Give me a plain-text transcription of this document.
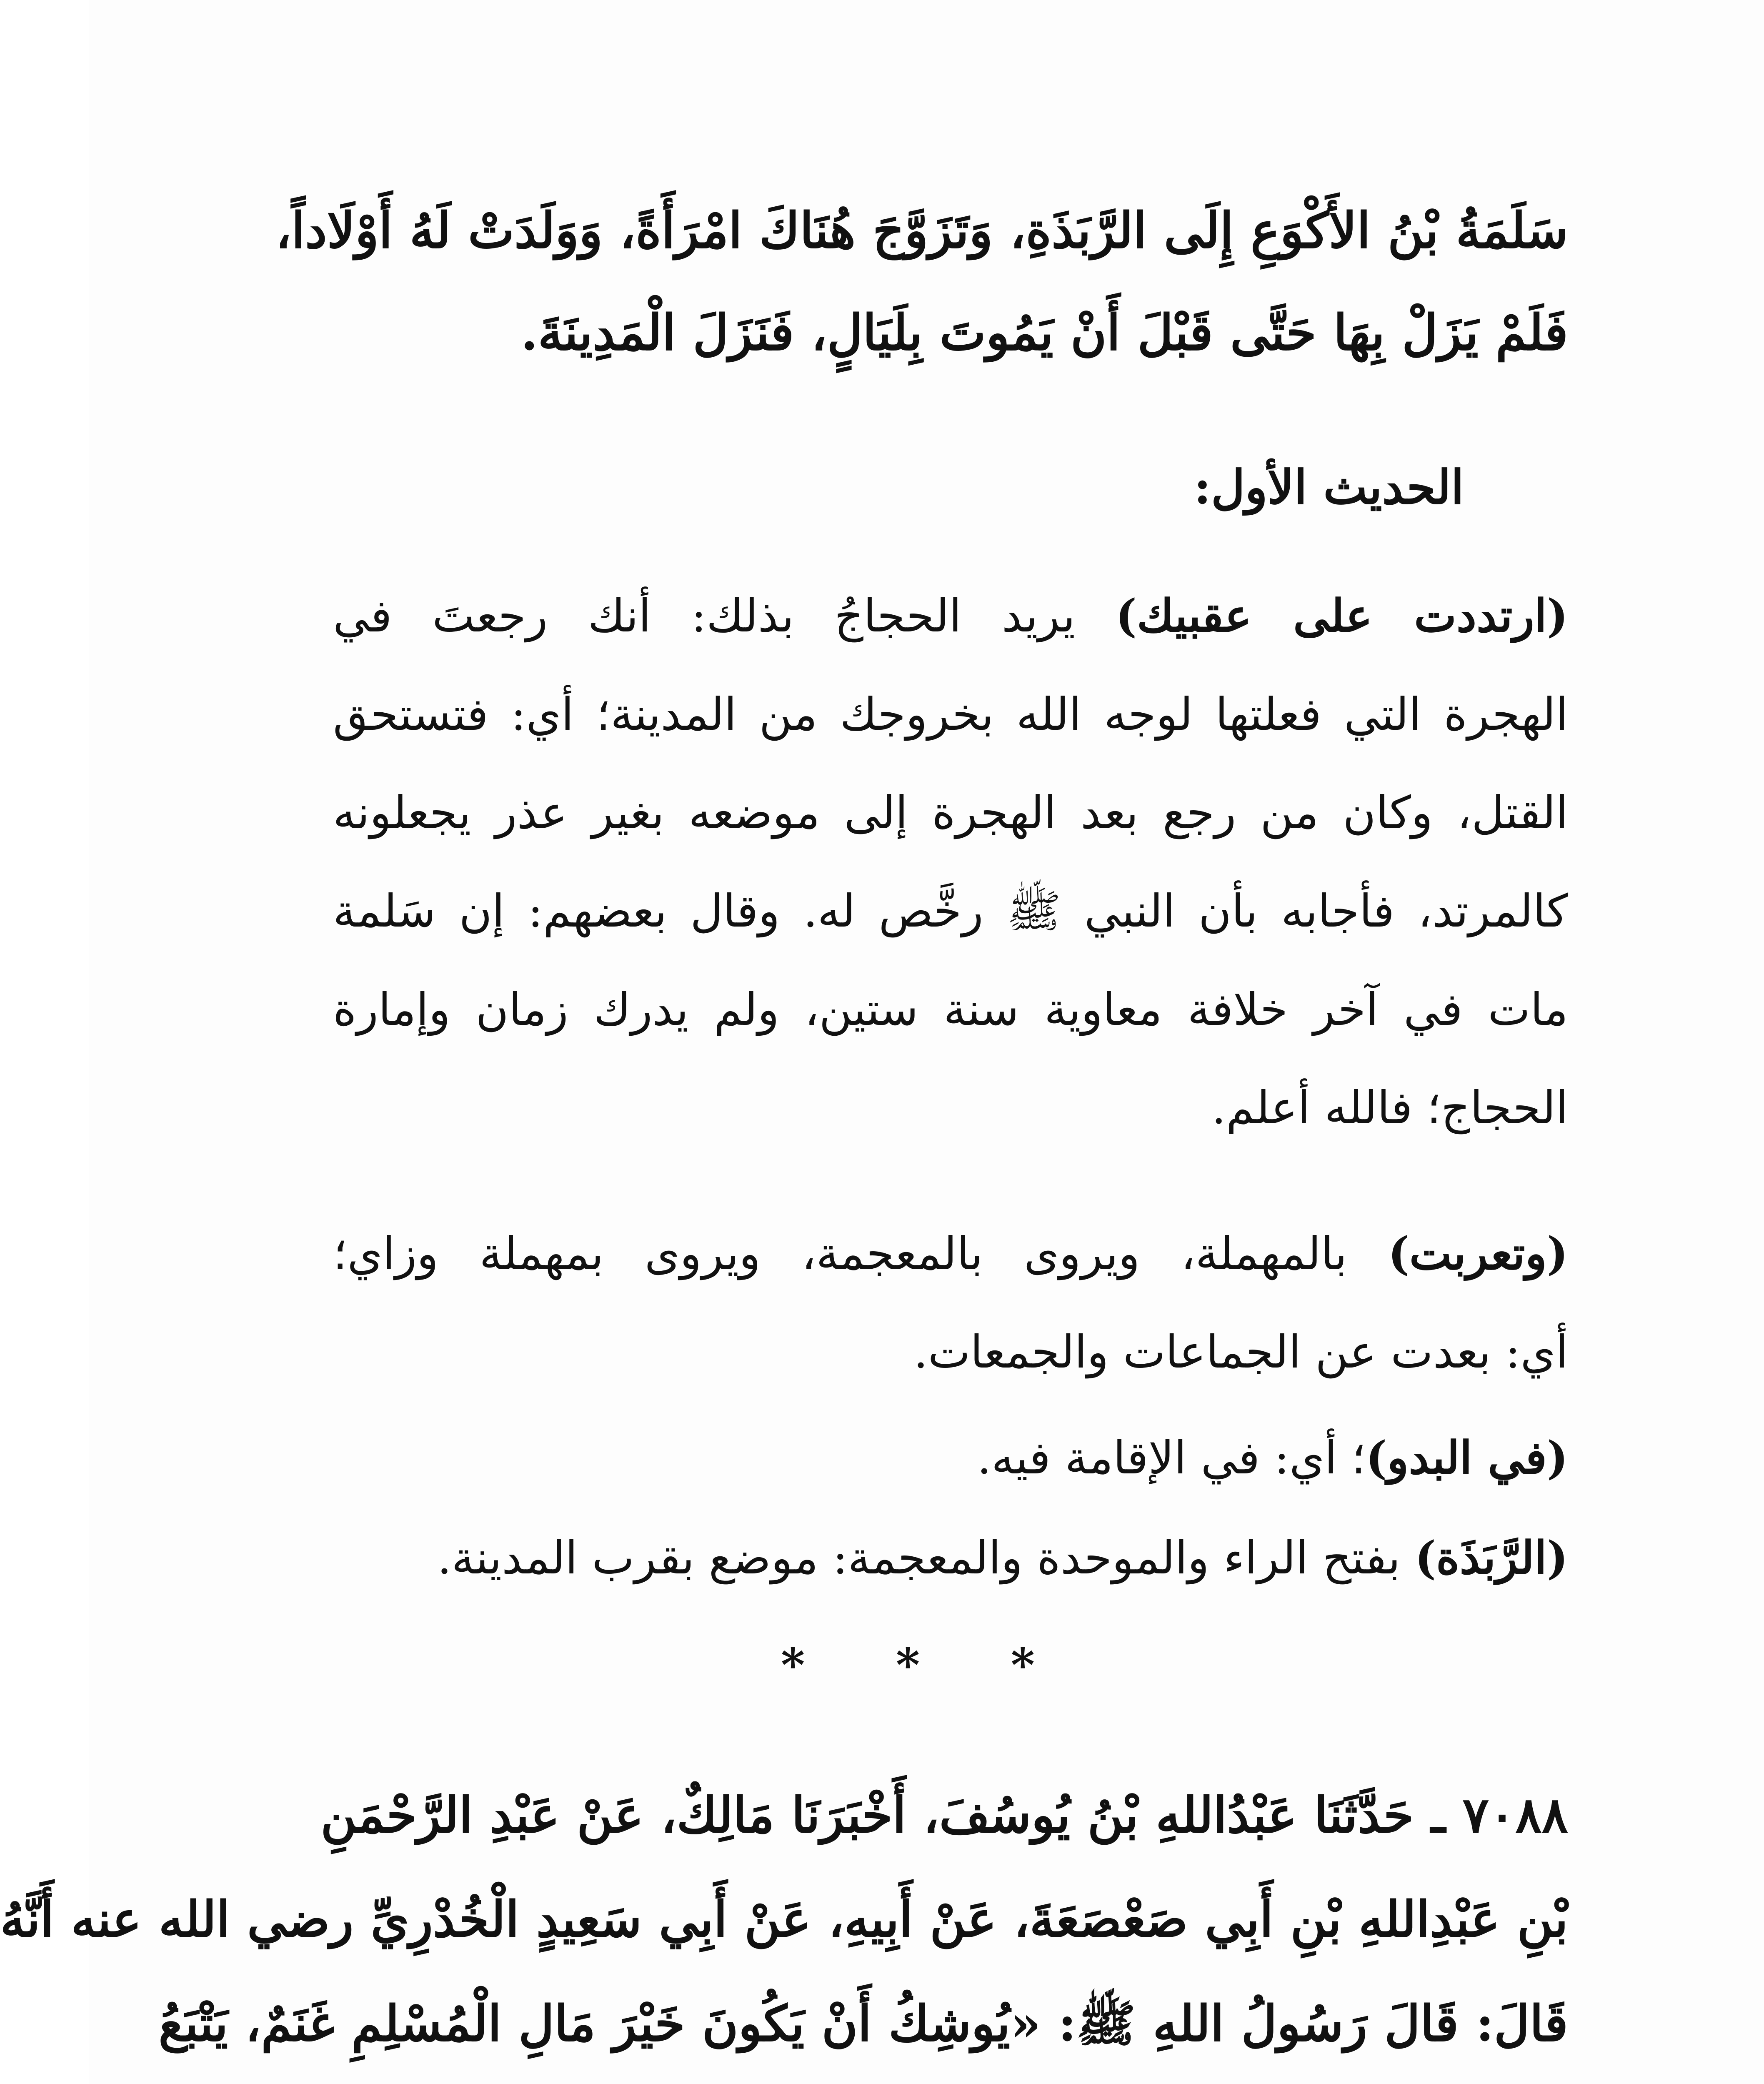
سَلَمَةُ بْنُ الأَكْوَعِ إِلَى الرَّبَذَةِ، وَتَزَوَّجَ هُنَاكَ امْرَأَةً، وَوَلَدَتْ لَهُ أَوْلَاداً،
فَلَمْ يَزَلْ بِهَا حَتَّى قَبْلَ أَنْ يَمُوتَ بِلَيَالٍ، فَنَزَلَ الْمَدِينَةَ.
الحديث الأول:
(ارتددت على عقبيك) يريد الحجاجُ بذلك: أنك رجعتَ في
الهجرة التي فعلتها لوجه الله بخروجك من المدينة؛ أي: فتستحق
القتل، وكان من رجع بعد الهجرة إلى موضعه بغير عذر يجعلونه
كالمرتد، فأجابه بأن النبي ﷺ رخَّص له. وقال بعضهم: إن سَلمة
مات في آخر خلافة معاوية سنة ستين، ولم يدرك زمان وإمارة
الحجاج؛ فالله أعلم.
(وتعربت) بالمهملة، ويروى بالمعجمة، ويروى بمهملة وزاي؛
أي: بعدت عن الجماعات والجمعات.
(في البدو)؛ أي: في الإقامة فيه.
(الرَّبَذَة) بفتح الراء والموحدة والمعجمة: موضع بقرب المدينة.
* * *
٧٠٨٨ ـ حَدَّثَنَا عَبْدُاللهِ بْنُ يُوسُفَ، أَخْبَرَنَا مَالِكٌ، عَنْ عَبْدِ الرَّحْمَنِ
بْنِ عَبْدِاللهِ بْنِ أَبِي صَعْصَعَةَ، عَنْ أَبِيهِ، عَنْ أَبِي سَعِيدٍ الْخُدْرِيِّ رضي الله عنه أَنَّهُ
قَالَ: قَالَ رَسُولُ اللهِ ﷺ: «يُوشِكُ أَنْ يَكُونَ خَيْرَ مَالِ الْمُسْلِمِ غَنَمٌ، يَتْبَعُ
